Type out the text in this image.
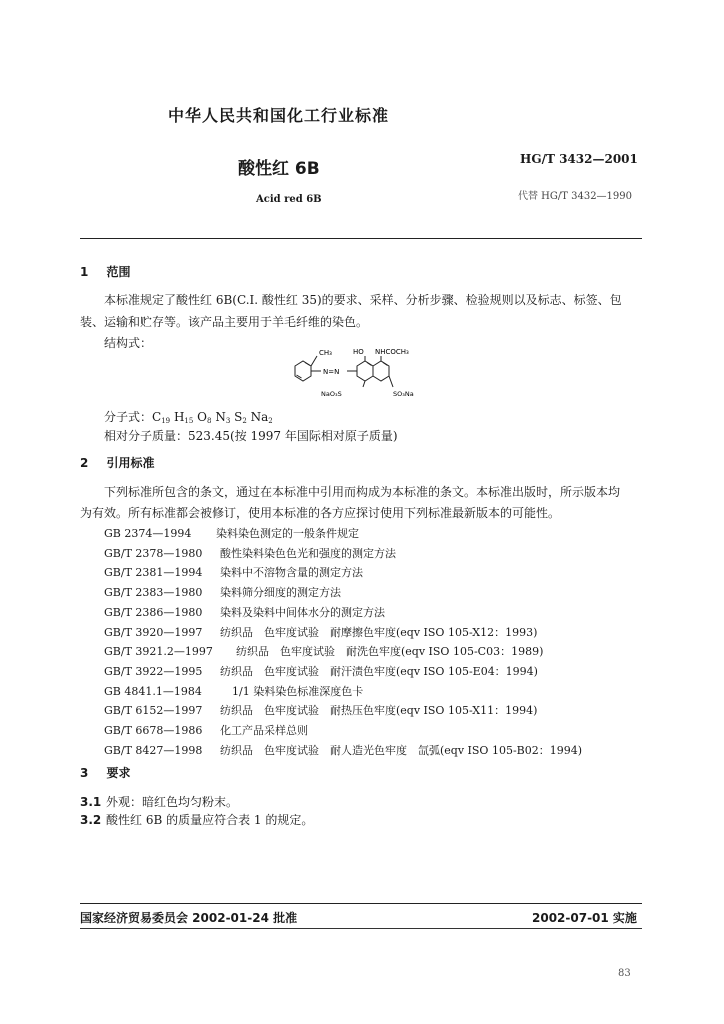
中华人民共和国化工行业标准
酸性红 6B	HG/T 3432—2001
Acid red 6B	代替 HG/T 3432—1990
1 范围
本标准规定了酸性红 6B(C.I. 酸性红 35)的要求、采样、分析步骤、检验规则以及标志、标签、包
装、运输和贮存等。该产品主要用于羊毛纤维的染色。
结构式：
CH₃
N=N
HO NHCOCH₃
NaO₃S	SO₃Na
分子式：$C_{19}$ $H_{15}$ $O_8$ $N_3$ $S_2$ $Na_2$
相对分子质量：523.45(按 1997 年国际相对原子质量)
2 引用标准
下列标准所包含的条文，通过在本标准中引用而构成为本标准的条文。本标准出版时，所示版本均
为有效。所有标准都会被修订，使用本标准的各方应探讨使用下列标准最新版本的可能性。
GB 2374—1994 染料染色测定的一般条件规定
GB/T 2378—1980 酸性染料染色色光和强度的测定方法
GB/T 2381—1994 染料中不溶物含量的测定方法
GB/T 2383—1980 染料筛分细度的测定方法
GB/T 2386—1980 染料及染料中间体水分的测定方法
GB/T 3920—1997 纺织品　色牢度试验　耐摩擦色牢度(eqv ISO 105-X12：1993)
GB/T 3921.2—1997 纺织品　色牢度试验　耐洗色牢度(eqv ISO 105-C03：1989)
GB/T 3922—1995 纺织品　色牢度试验　耐汗渍色牢度(eqv ISO 105-E04：1994)
GB 4841.1—1984	1/1 染料染色标准深度色卡
GB/T 6152—1997 纺织品　色牢度试验　耐热压色牢度(eqv ISO 105-X11：1994)
GB/T 6678—1986 化工产品采样总则
GB/T 8427—1998 纺织品　色牢度试验　耐人造光色牢度　氙弧(eqv ISO 105-B02：1994)
3 要求
3.1 外观：暗红色均匀粉末。
3.2 酸性红 6B 的质量应符合表 1 的规定。
国家经济贸易委员会 2002-01-24 批准	2002-07-01 实施
83
